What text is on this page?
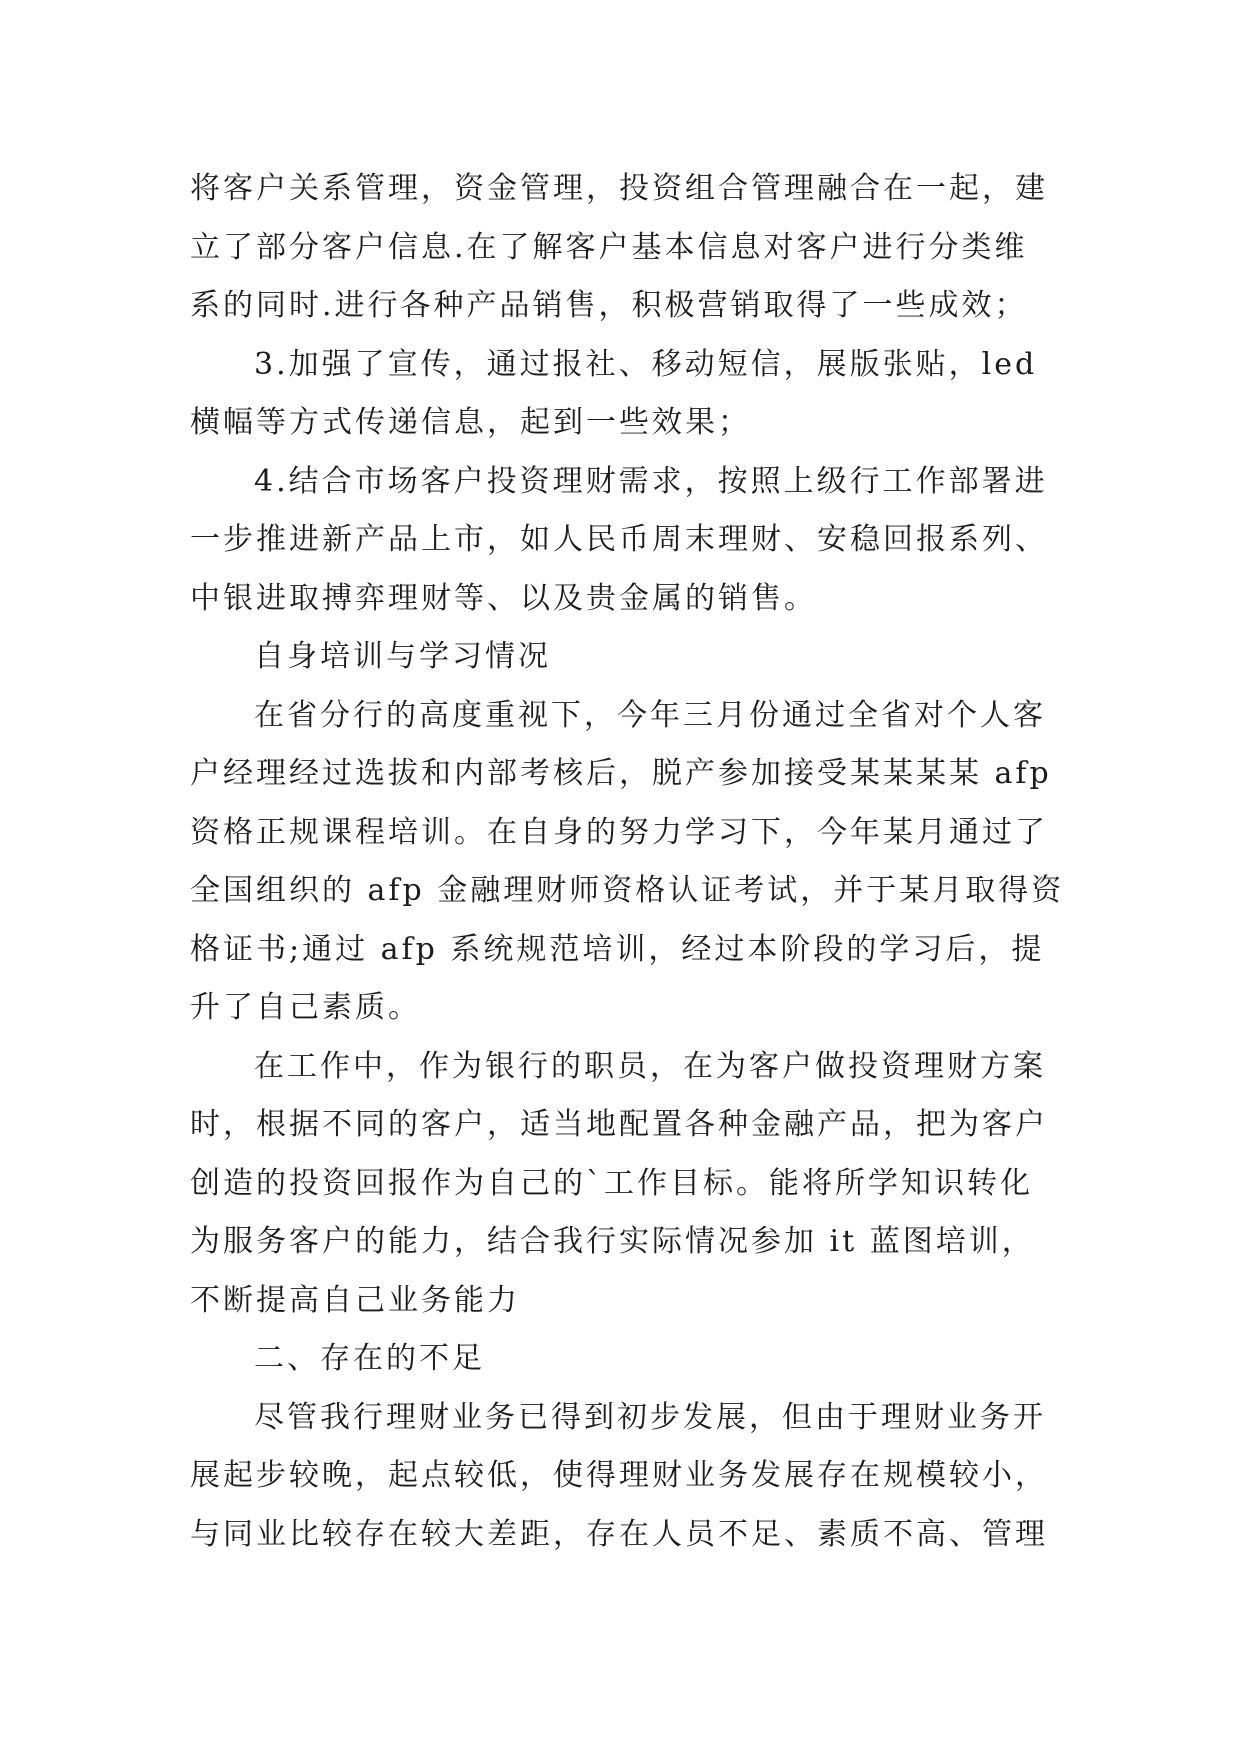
将客户关系管理，资金管理，投资组合管理融合在一起，建
立了部分客户信息.在了解客户基本信息对客户进行分类维
系的同时.进行各种产品销售，积极营销取得了一些成效；
3.加强了宣传，通过报社、移动短信，展版张贴，led
横幅等方式传递信息，起到一些效果；
4.结合市场客户投资理财需求，按照上级行工作部署进
一步推进新产品上市，如人民币周末理财、安稳回报系列、
中银进取搏弈理财等、以及贵金属的销售。
自身培训与学习情况
在省分行的高度重视下，今年三月份通过全省对个人客
户经理经过选拔和内部考核后，脱产参加接受某某某某 afp
资格正规课程培训。在自身的努力学习下，今年某月通过了
全国组织的 afp 金融理财师资格认证考试，并于某月取得资
格证书;通过 afp 系统规范培训，经过本阶段的学习后，提
升了自己素质。
在工作中，作为银行的职员，在为客户做投资理财方案
时，根据不同的客户，适当地配置各种金融产品，把为客户
创造的投资回报作为自己的`工作目标。能将所学知识转化
为服务客户的能力，结合我行实际情况参加 it 蓝图培训，
不断提高自己业务能力
二、存在的不足
尽管我行理财业务已得到初步发展，但由于理财业务开
展起步较晚，起点较低，使得理财业务发展存在规模较小，
与同业比较存在较大差距，存在人员不足、素质不高、管理
